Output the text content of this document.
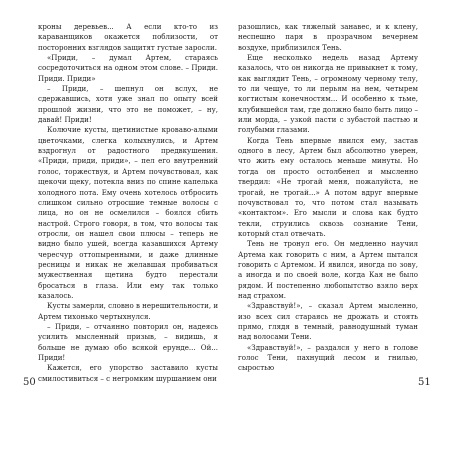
кроны деревьев... А если кто-то из караванщиков окажется поблизости, от посторонних взглядов защитят густые заросли.

«Приди, – думал Артем, стараясь сосредоточиться на одном этом слове. – Приди. Приди. Приди»

– Приди, – шепнул он вслух, не сдержавшись, хотя уже знал по опыту всей прошлой жизни, что это не поможет, – ну, давай! Приди!

Колючие кусты, щетинистые кроваво-алыми цветочками, слегка колыхнулись, и Артем вздрогнул от радостного предвкушения. «Приди, приди, приди», – пел его внутренний голос, торжествуя, и Артем почувствовал, как щекочи щеку, потекла вниз по спине капелька холодного пота. Ему очень хотелось отбросить слишком сильно отросшие темные волосы с лица, но он не осмелился – боялся сбить настрой. Строго говоря, в том, что волосы так отросли, он нашел свои плюсы – теперь не видно было ушей, всегда казавшихся Артему чересчур оттопыренными, и даже длинные ресницы и никак не желавшая пробиваться мужественная щетина будто перестали бросаться в глаза. Или ему так только казалось.

Кусты замерли, словно в нерешительности, и Артем тихонько чертыхнулся.

– Приди, – отчаянно повторил он, надеясь усилить мысленный призыв, – видишь, я больше не думаю обо всякой ерунде... Ой... Приди!

Кажется, его упорство заставило кусты смилостивиться – с негромким шуршанием они

разошлись, как тяжелый занавес, и к клену, неспешно паря в прозрачном вечернем воздухе, приблизился Тень.

Еще несколько недель назад Артему казалось, что он никогда не привыкнет к тому, как выглядит Тень, – огромному черному телу, то ли чешуе, то ли перьям на нем, четырем когтистым конечностям... И особенно к тьме, клубившейся там, где должно было быть лицо – или морда, – узкой пасти с зубастой пастью и голубыми глазами.

Когда Тень впервые явился ему, застав одного в лесу, Артем был абсолютно уверен, что жить ему осталось меньше минуты. Но тогда он просто остолбенел и мысленно твердил: «Не трогай меня, пожалуйста, не трогай, не трогай...» А потом вдруг впервые почувствовал то, что потом стал называть «контактом». Его мысли и слова как будто текли, струились сквозь сознание Тени, который стал отвечать.

Тень не тронул его. Он медленно научил Артема как говорить с ним, а Артем пытался говорить с Артемом. И явился, иногда по зову, а иногда и по своей воле, когда Кая не было рядом. И постепенно любопытство взяло верх над страхом.

«Здравствуй!», – сказал Артем мысленно, изо всех сил стараясь не дрожать и стоять прямо, глядя в темный, равнодушный туман над волосами Тени.

«Здравствуй!», – раздался у него в голове голос Тени, пахнущий лесом и гнилью, сыростью

50	51
